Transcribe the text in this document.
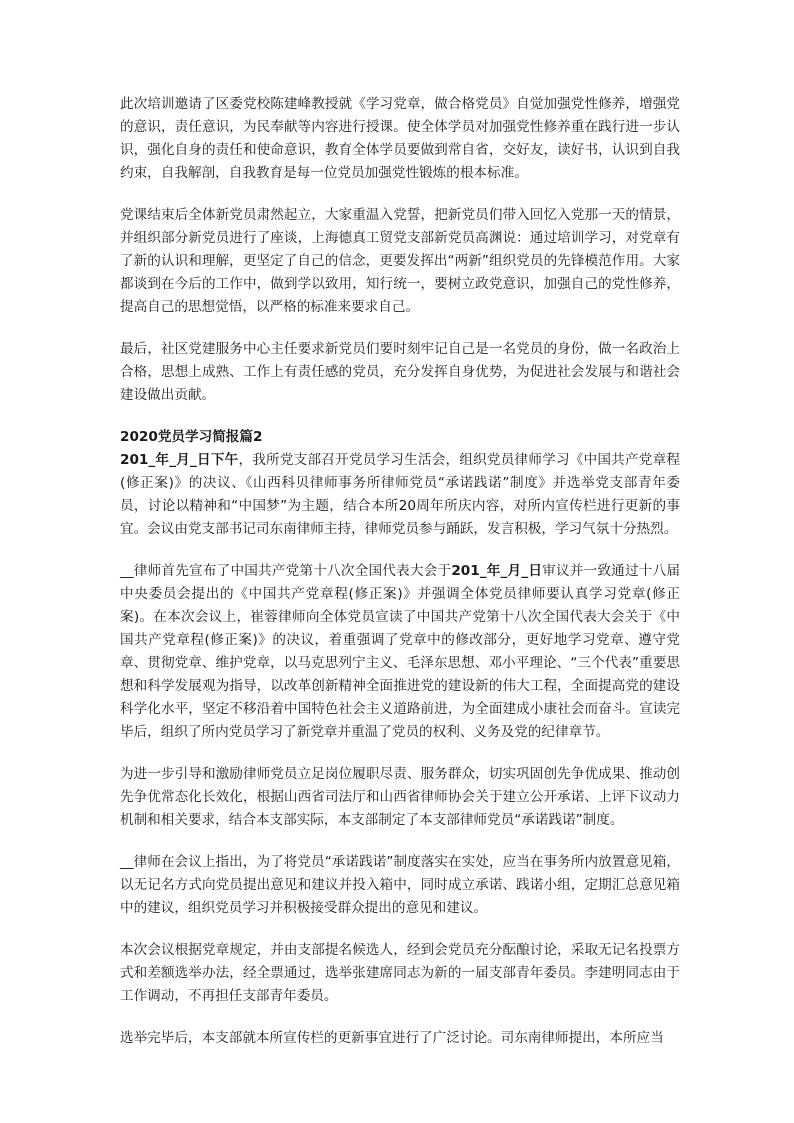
此次培训邀请了区委党校陈建峰教授就《学习党章，做合格党员》自觉加强党性修养，增强党的意识，责任意识，为民奉献等内容进行授课。使全体学员对加强党性修养重在践行进一步认识，强化自身的责任和使命意识，教育全体学员要做到常自省，交好友，读好书，认识到自我约束，自我解剖，自我教育是每一位党员加强党性锻炼的根本标准。

党课结束后全体新党员肃然起立，大家重温入党誓，把新党员们带入回忆入党那一天的情景，并组织部分新党员进行了座谈，上海德真工贸党支部新党员高渊说：通过培训学习，对党章有了新的认识和理解，更坚定了自己的信念，更要发挥出“两新”组织党员的先锋模范作用。大家都谈到在今后的工作中，做到学以致用，知行统一，要树立政党意识，加强自己的党性修养，提高自己的思想觉悟，以严格的标准来要求自己。

最后，社区党建服务中心主任要求新党员们要时刻牢记自己是一名党员的身份，做一名政治上合格，思想上成熟、工作上有责任感的党员，充分发挥自身优势，为促进社会发展与和谐社会建设做出贡献。

2020党员学习简报篇2

201_年_月_日下午，我所党支部召开党员学习生活会，组织党员律师学习《中国共产党章程(修正案)》的决议、《山西科贝律师事务所律师党员“承诺践诺”制度》并选举党支部青年委员，讨论以精神和“中国梦”为主题，结合本所20周年所庆内容，对所内宣传栏进行更新的事宜。会议由党支部书记司东南律师主持，律师党员参与踊跃，发言积极，学习气氛十分热烈。

__律师首先宣布了中国共产党第十八次全国代表大会于201_年_月_日审议并一致通过十八届中央委员会提出的《中国共产党章程(修正案)》并强调全体党员律师要认真学习党章(修正案)。在本次会议上，崔蓉律师向全体党员宣读了中国共产党第十八次全国代表大会关于《中国共产党章程(修正案)》的决议，着重强调了党章中的修改部分，更好地学习党章、遵守党章、贯彻党章、维护党章，以马克思列宁主义、毛泽东思想、邓小平理论、“三个代表”重要思想和科学发展观为指导，以改革创新精神全面推进党的建设新的伟大工程，全面提高党的建设科学化水平，坚定不移沿着中国特色社会主义道路前进，为全面建成小康社会而奋斗。宣读完毕后，组织了所内党员学习了新党章并重温了党员的权利、义务及党的纪律章节。

为进一步引导和激励律师党员立足岗位履职尽责、服务群众，切实巩固创先争优成果、推动创先争优常态化长效化，根据山西省司法厅和山西省律师协会关于建立公开承诺、上评下议动力机制和相关要求，结合本支部实际，本支部制定了本支部律师党员“承诺践诺”制度。

__律师在会议上指出，为了将党员“承诺践诺”制度落实在实处，应当在事务所内放置意见箱，以无记名方式向党员提出意见和建议并投入箱中，同时成立承诺、践诺小组，定期汇总意见箱中的建议，组织党员学习并积极接受群众提出的意见和建议。

本次会议根据党章规定，并由支部提名候选人，经到会党员充分酝酿讨论，采取无记名投票方式和差额选举办法，经全票通过，选举张建席同志为新的一届支部青年委员。李建明同志由于工作调动，不再担任支部青年委员。

选举完毕后，本支部就本所宣传栏的更新事宜进行了广泛讨论。司东南律师提出，本所应当
